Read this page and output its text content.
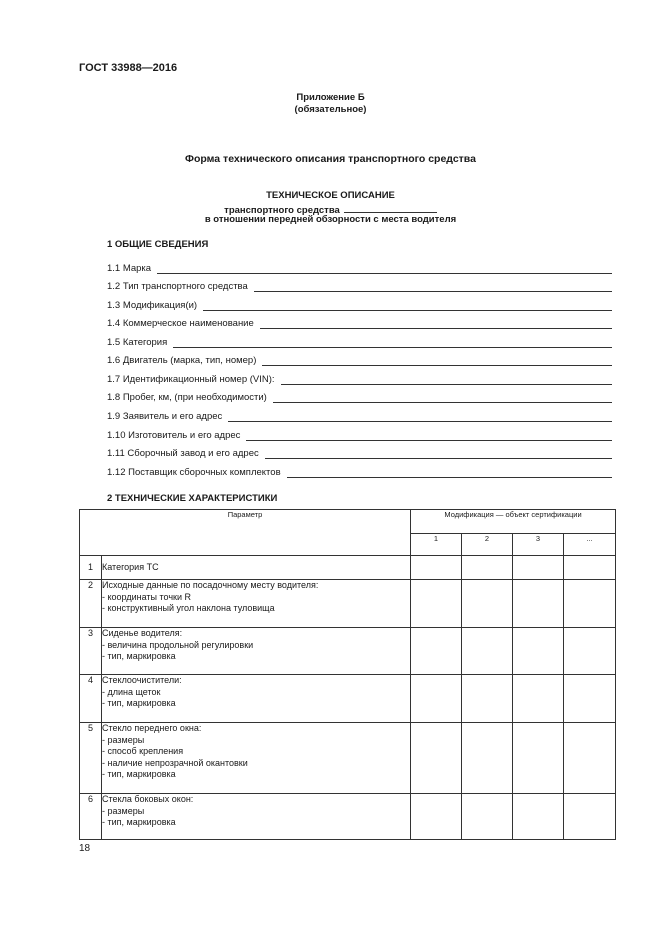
ГОСТ 33988—2016
Приложение Б
(обязательное)
Форма технического описания транспортного средства
ТЕХНИЧЕСКОЕ ОПИСАНИЕ
транспортного средства
в отношении передней обзорности с места водителя
1 ОБЩИЕ СВЕДЕНИЯ
1.1 Марка
1.2 Тип транспортного средства
1.3 Модификация(и)
1.4 Коммерческое наименование
1.5 Категория
1.6 Двигатель (марка, тип, номер)
1.7 Идентификационный номер (VIN):
1.8 Пробег, км, (при необходимости)
1.9 Заявитель и его адрес
1.10 Изготовитель и его адрес
1.11 Сборочный завод и его адрес
1.12 Поставщик сборочных комплектов
2 ТЕХНИЧЕСКИЕ ХАРАКТЕРИСТИКИ
Параметр		Модификация — объект сертификации			
		1	2	3	...
1	Категория ТС				

2	Исходные данные по посадочному месту водителя:
- координаты точки R
- конструктивный угол наклона туловища				

3	Сиденье водителя:
- величина продольной регулировки
- тип, маркировка				

4	Стеклоочистители:
- длина щеток
- тип, маркировка				

5	Стекло переднего окна:
- размеры
- способ крепления
- наличие непрозрачной окантовки
- тип, маркировка				

6	Стекла боковых окон:
- размеры
- тип, маркировка				

18
